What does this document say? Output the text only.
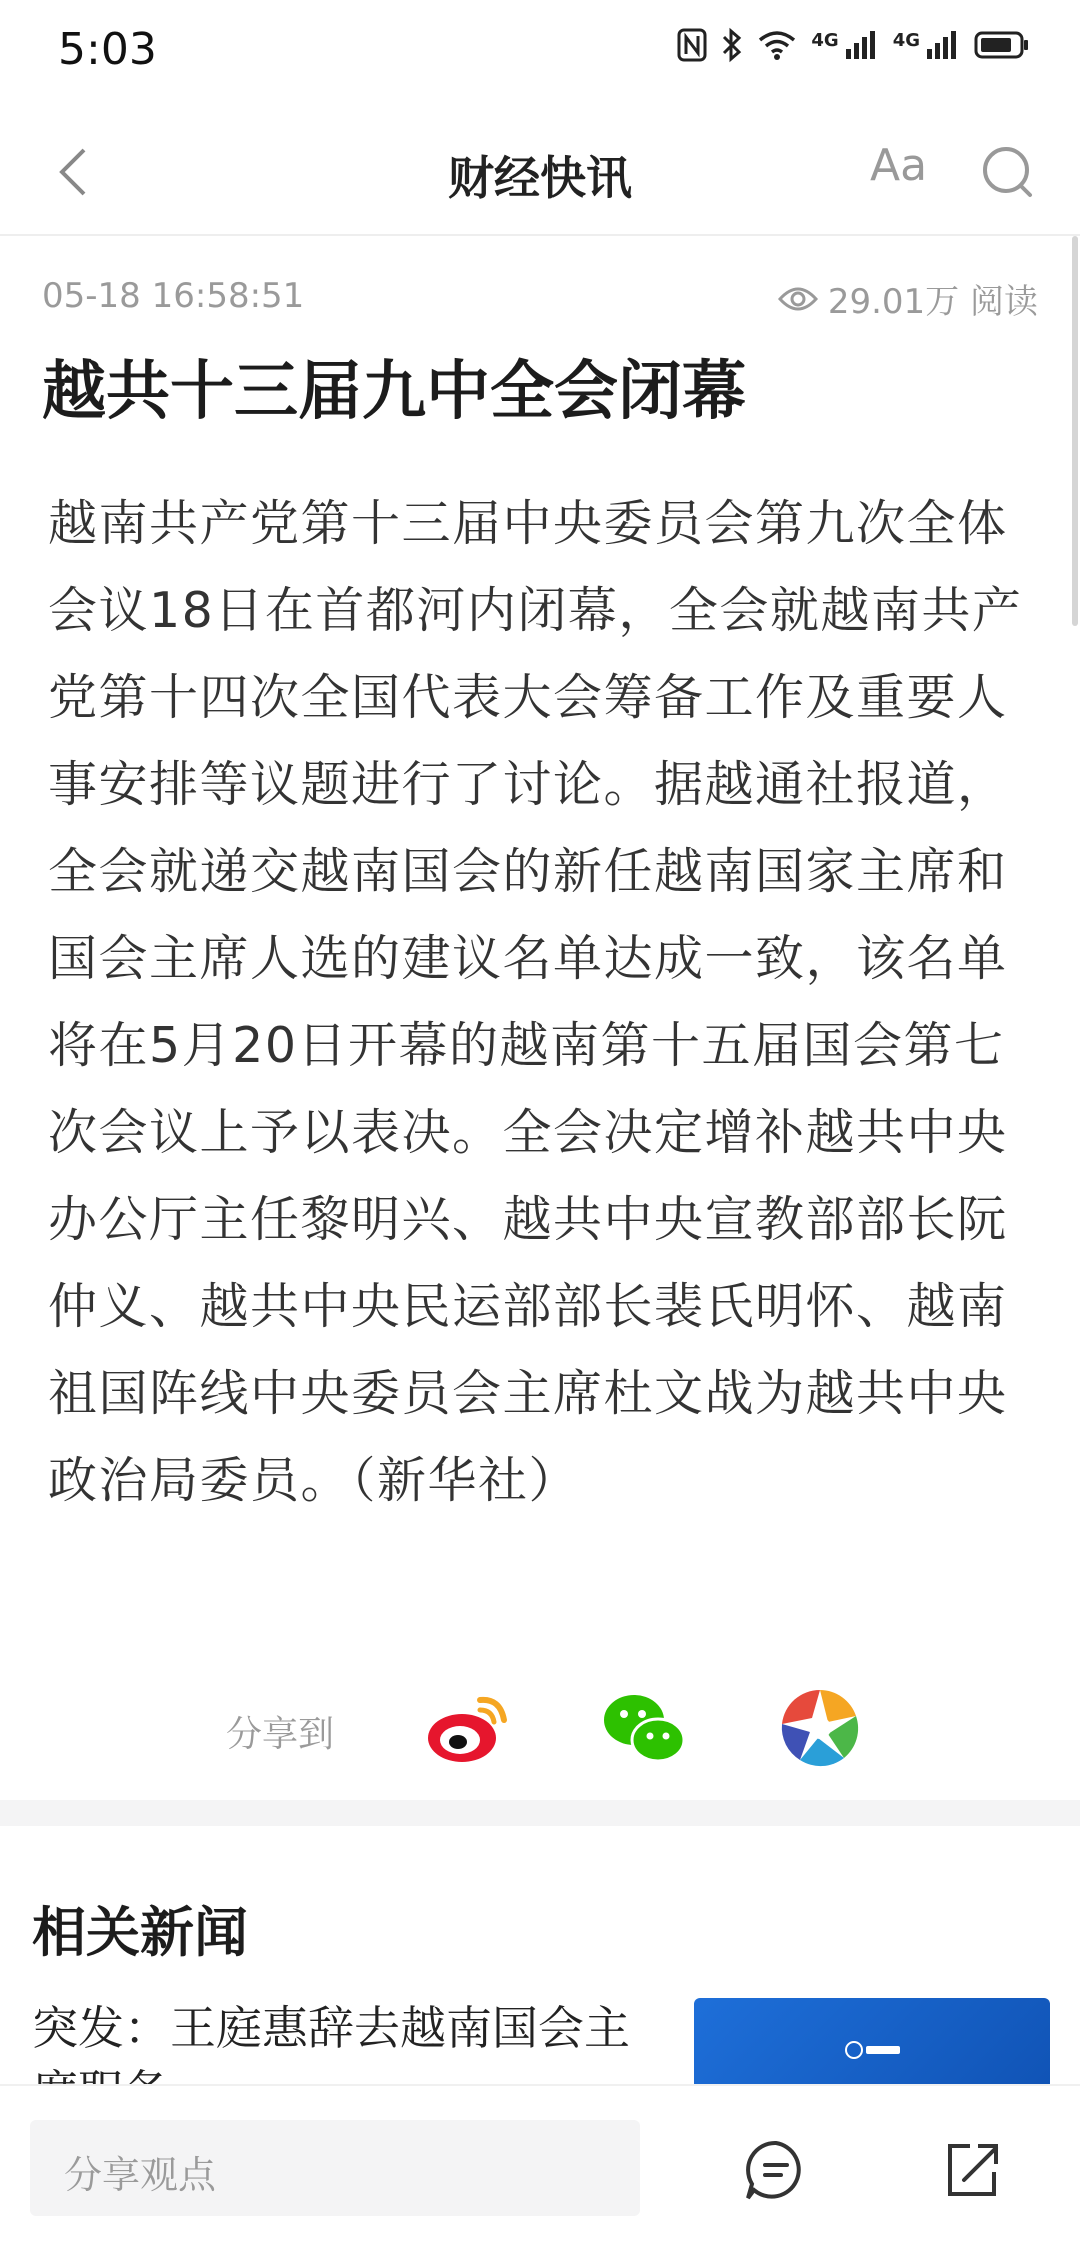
5:03	4G	4G
财经快讯	Aa
05-18 16:58:51	29.01万 阅读
越共十三届九中全会闭幕

越南共产党第十三届中央委员会第九次全体会议18日在首都河内闭幕，全会就越南共产党第十四次全国代表大会筹备工作及重要人事安排等议题进行了讨论。据越通社报道，全会就递交越南国会的新任越南国家主席和国会主席人选的建议名单达成一致，该名单将在5月20日开幕的越南第十五届国会第七次会议上予以表决。全会决定增补越共中央办公厅主任黎明兴、越共中央宣教部部长阮仲义、越共中央民运部部长裴氏明怀、越南祖国阵线中央委员会主席杜文战为越共中央政治局委员。（新华社）

分享到
相关新闻
突发：王庭惠辞去越南国会主
分享观点
